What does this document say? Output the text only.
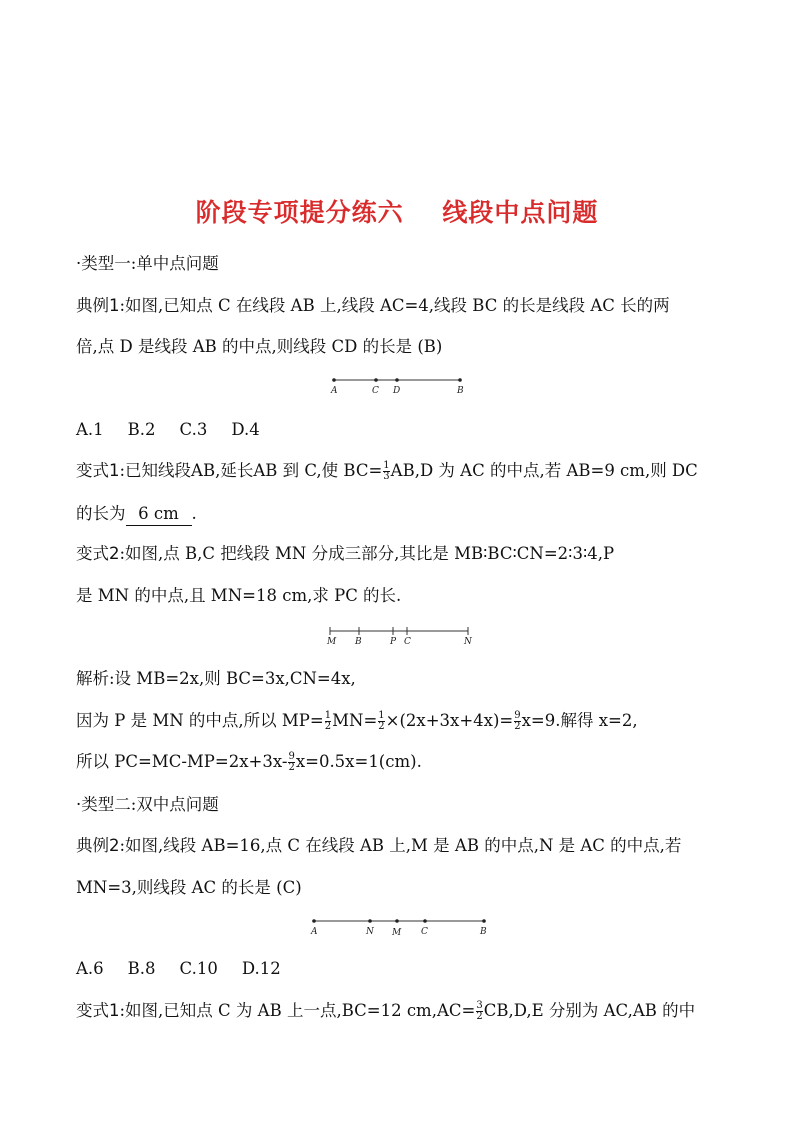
阶段专项提分练六    线段中点问题
·类型一:单中点问题
典例1:如图,已知点 C 在线段 AB 上,线段 AC=4,线段 BC 的长是线段 AC 长的两
倍,点 D 是线段 AB 的中点,则线段 CD 的长是 (B)
A	C D	B
A.1 B.2 C.3 D.4
变式1:已知线段AB,延长AB 到 C,使 $BC= \frac{1}{3} AB,D$ 为 AC 的中点,若 AB=9 cm,则 DC
的长为 6 cm .
变式2:如图,点 B,C 把线段 MN 分成三部分,其比是 MB∶BC∶CN=2∶3∶4,P
是 MN 的中点,且 MN=18 cm,求 PC 的长.
M B	P C	N
解析:设 MB=2x,则 BC=3x,CN=4x,
因为 P 是 MN 的中点,所以 $MP= \frac{1}{2} MN= \frac{1}{2} \times(2x+3x+4x)= \frac{9}{2} x=9$.解得 x=2,
所以 $PC=MC-MP=2x+3x- \frac{9}{2} x=0.5x=1(cm)$.
·类型二:双中点问题
典例2:如图,线段 AB=16,点 C 在线段 AB 上,M 是 AB 的中点,N 是 AC 的中点,若
MN=3,则线段 AC 的长是 (C)
A	N M C	B
A.6 B.8 C.10 D.12
变式1:如图,已知点 C 为 AB 上一点,BC=12 $cm,AC= \frac{3}{2} CB,D,E$ 分别为 AC,AB 的中
